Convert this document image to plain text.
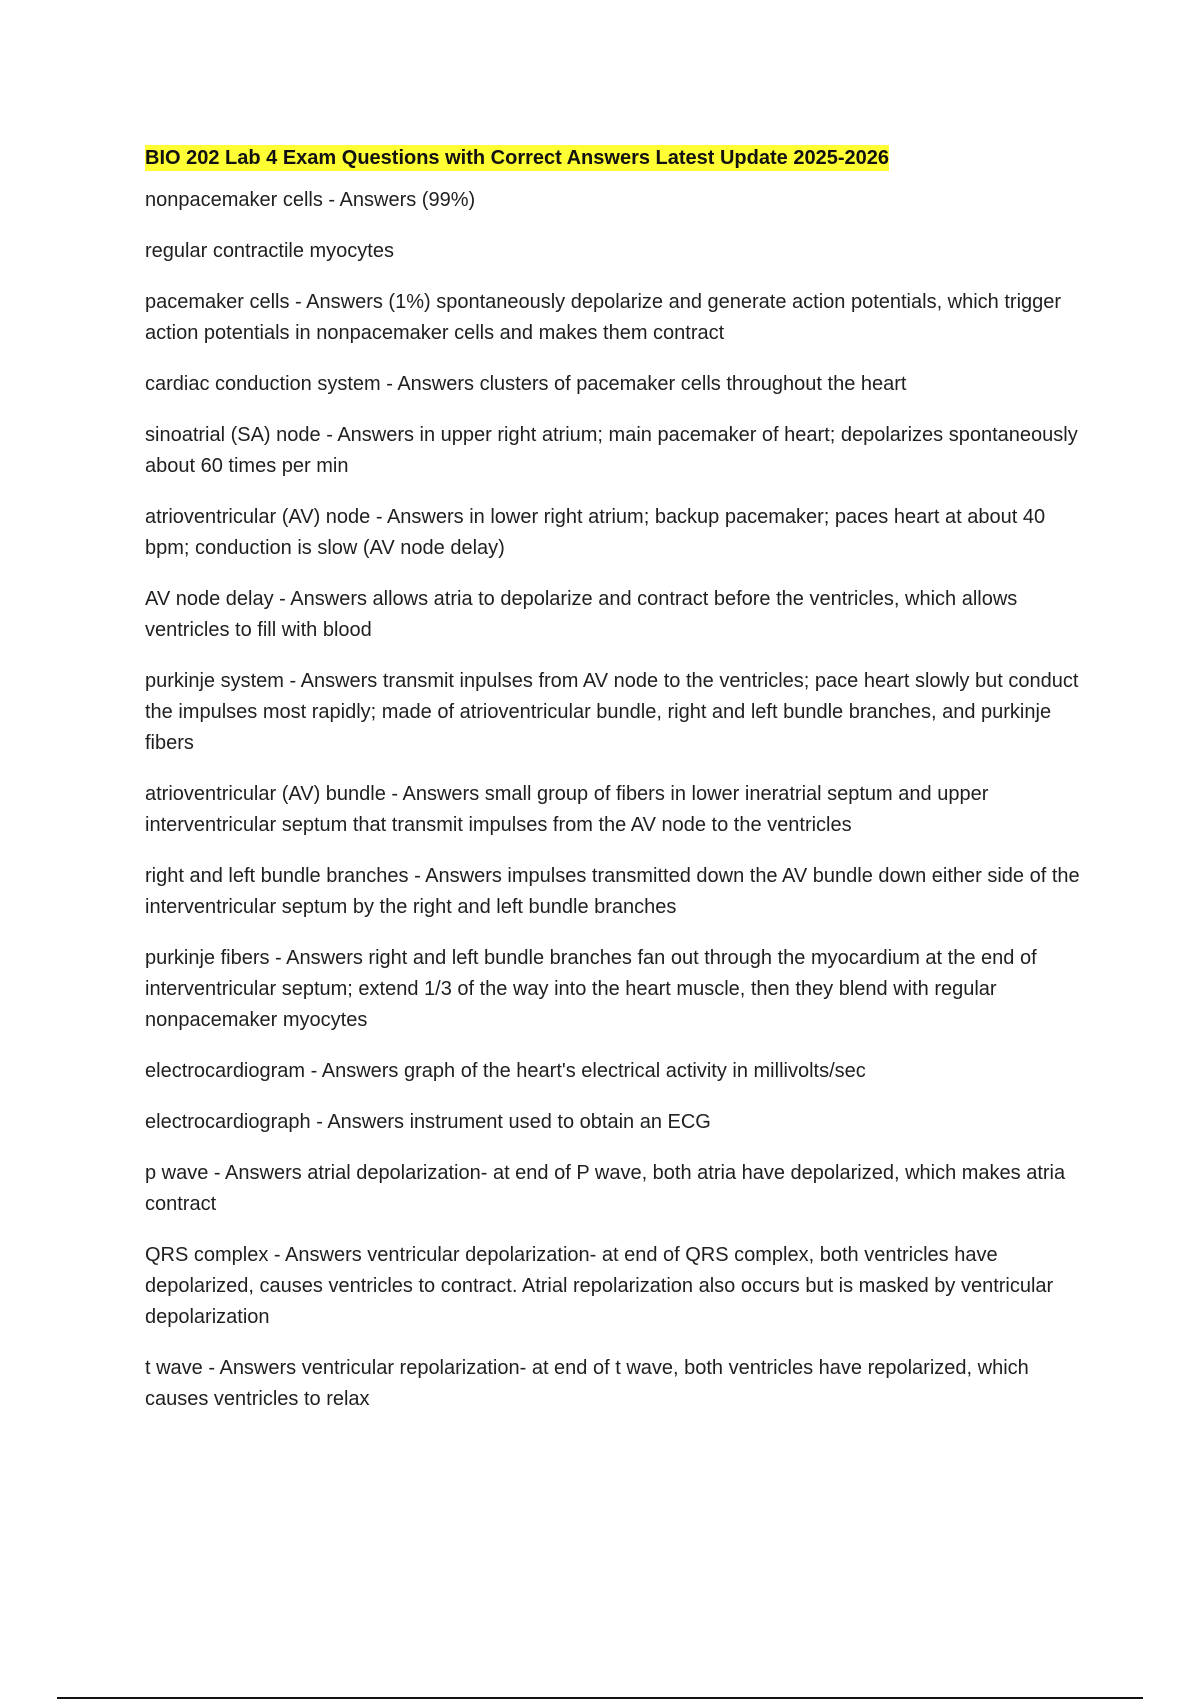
BIO 202 Lab 4 Exam Questions with Correct Answers Latest Update 2025-2026

nonpacemaker cells - Answers (99%)

regular contractile myocytes

pacemaker cells - Answers (1%) spontaneously depolarize and generate action potentials, which trigger action potentials in nonpacemaker cells and makes them contract

cardiac conduction system - Answers clusters of pacemaker cells throughout the heart

sinoatrial (SA) node - Answers in upper right atrium; main pacemaker of heart; depolarizes spontaneously about 60 times per min

atrioventricular (AV) node - Answers in lower right atrium; backup pacemaker; paces heart at about 40 bpm; conduction is slow (AV node delay)

AV node delay - Answers allows atria to depolarize and contract before the ventricles, which allows ventricles to fill with blood

purkinje system - Answers transmit inpulses from AV node to the ventricles; pace heart slowly but conduct the impulses most rapidly; made of atrioventricular bundle, right and left bundle branches, and purkinje fibers

atrioventricular (AV) bundle - Answers small group of fibers in lower ineratrial septum and upper interventricular septum that transmit impulses from the AV node to the ventricles

right and left bundle branches - Answers impulses transmitted down the AV bundle down either side of the interventricular septum by the right and left bundle branches

purkinje fibers - Answers right and left bundle branches fan out through the myocardium at the end of interventricular septum; extend 1/3 of the way into the heart muscle, then they blend with regular nonpacemaker myocytes

electrocardiogram - Answers graph of the heart's electrical activity in millivolts/sec

electrocardiograph - Answers instrument used to obtain an ECG

p wave - Answers atrial depolarization- at end of P wave, both atria have depolarized, which makes atria contract

QRS complex - Answers ventricular depolarization- at end of QRS complex, both ventricles have depolarized, causes ventricles to contract. Atrial repolarization also occurs but is masked by ventricular depolarization

t wave - Answers ventricular repolarization- at end of t wave, both ventricles have repolarized, which causes ventricles to relax
